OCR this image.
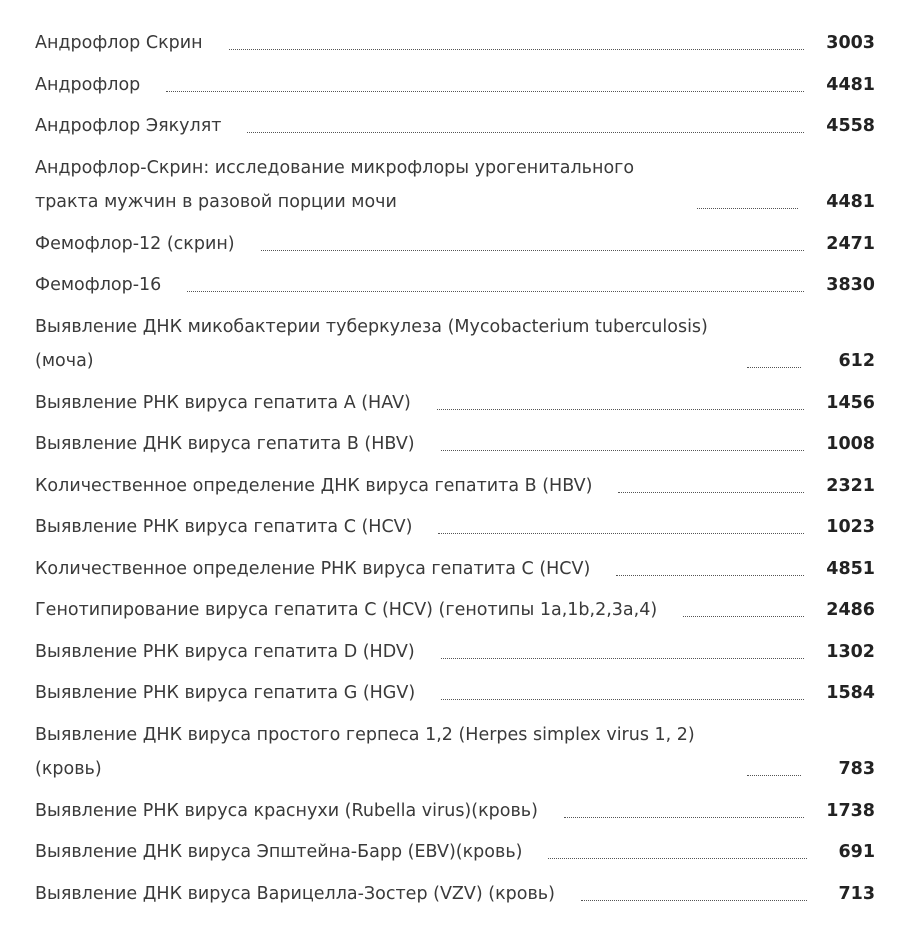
Андрофлор Скрин	3003
Андрофлор	4481
Андрофлор Эякулят	4558
Андрофлор-Скрин: исследование микрофлоры урогенитального тракта мужчин в разовой порции мочи	4481
Фемофлор-12 (скрин)	2471
Фемофлор-16	3830
Выявление ДНК микобактерии туберкулеза (Mycobacterium tuberculosis) (моча)	612
Выявление РНК вируса гепатита A (HAV)	1456
Выявление ДНК вируса гепатита B (HBV)	1008
Количественное определение ДНК вируса гепатита B (HBV)	2321
Выявление РНК вируса гепатита C (HCV)	1023
Количественное определение РНК вируса гепатита C (HCV)	4851
Генотипирование вируса гепатита C (HCV) (генотипы 1a,1b,2,3a,4)	2486
Выявление РНК вируса гепатита D (HDV)	1302
Выявление РНК вируса гепатита G (HGV)	1584
Выявление ДНК вируса простого герпеса 1,2 (Herpes simplex virus 1, 2) (кровь)	783
Выявление РНК вируса краснухи (Rubella virus)(кровь)	1738
Выявление ДНК вируса Эпштейна-Барр (EBV)(кровь)	691
Выявление ДНК вируса Варицелла-Зостер (VZV) (кровь)	713
